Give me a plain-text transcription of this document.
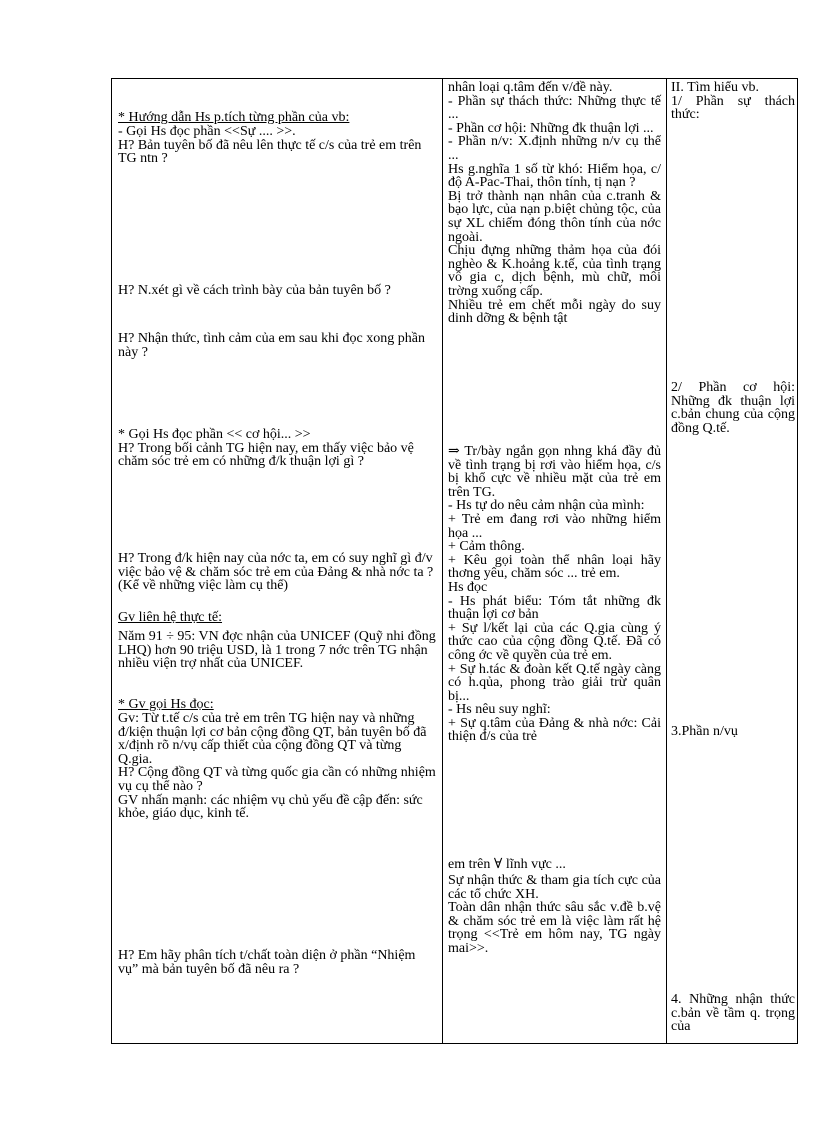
* Hướng dẫn Hs p.tích từng phần của vb:

- Gọi Hs đọc phần <<Sự .... >>.
H? Bản tuyên bố đã nêu lên thực tế c/s của trẻ em trên TG ntn ?

H? N.xét gì về cách trình bày của bản tuyên bố ?

H? Nhận thức, tình cảm của em sau khi đọc xong phần này ?

* Gọi Hs đọc phần << cơ hội... >>
H? Trong bối cảnh TG hiện nay, em thấy việc bảo vệ chăm sóc trẻ em có những đ/k thuận lợi gì ?

H? Trong đ/k hiện nay của nớc ta, em có suy nghĩ gì đ/v việc bảo vệ & chăm sóc trẻ em của Đảng & nhà nớc ta ?
(Kể về những việc làm cụ thể)

Gv liên hệ thực tế:

Năm 91 ÷ 95: VN đợc nhận của UNICEF (Quỹ nhi đồng LHQ) hơn 90 triệu USD, là 1 trong 7 nớc trên TG nhận nhiều viện trợ nhất của UNICEF.

* Gv gọi Hs đọc:

Gv: Từ t.tế c/s của trẻ em trên TG hiện nay và những đ/kiện thuận lợi cơ bản cộng đồng QT, bản tuyên bố đã x/định rõ n/vụ cấp thiết của cộng đồng QT và từng Q.gia.
H? Cộng đồng QT và từng quốc gia cần có những nhiệm vụ cụ thể nào ?
GV nhấn mạnh: các nhiệm vụ chủ yếu đề cập đến: sức khỏe, giáo dục, kinh tế.

H? Em hãy phân tích t/chất toàn diện ở phần “Nhiệm vụ” mà bản tuyên bố đã nêu ra ?

nhân loại q.tâm đến v/đề này.
- Phần sự thách thức: Những thực tế ...
- Phần cơ hội: Những đk thuận lợi ...
- Phần n/v: X.định những n/v cụ thể ...
Hs g.nghĩa 1 số từ khó: Hiểm họa, c/độ A-Pac-Thai, thôn tính, tị nạn ?
Bị trở thành nạn nhân của c.tranh & bạo lực, của nạn p.biệt chủng tộc, của sự XL chiếm đóng thôn tính của nớc ngoài.
Chịu đựng những thảm họa của đói nghèo & K.hoảng k.tế, của tình trạng vô gia c, dịch bệnh, mù chữ, môi trờng xuống cấp.
Nhiều trẻ em chết mỗi ngày do suy dinh dỡng & bệnh tật

⇒ Tr/bày ngắn gọn nhng khá đầy đủ về tình trạng bị rơi vào hiểm họa, c/s bị khổ cực về nhiều mặt của trẻ em trên TG.
- Hs tự do nêu cảm nhận của mình:
+ Trẻ em đang rơi vào những hiểm họa ...
+ Cảm thông.
+ Kêu gọi toàn thể nhân loại hãy thơng yêu, chăm sóc ... trẻ em.
Hs đọc
- Hs phát biểu: Tóm tắt những đk thuận lợi cơ bản
+ Sự l/kết lại của các Q.gia cùng ý thức cao của cộng đồng Q.tế. Đã có công ớc về quyền của trẻ em.
+ Sự h.tác & đoàn kết Q.tế ngày càng có h.qủa, phong trào giải trừ quân bị...
- Hs nêu suy nghĩ:
+ Sự q.tâm của Đảng & nhà nớc: Cải thiện đ/s của trẻ

em trên ∀ lĩnh vực ...

Sự nhận thức & tham gia tích cực của các tổ chức XH.
Toàn dân nhận thức sâu sắc v.đề b.vệ & chăm sóc trẻ em là việc làm rất hệ trọng <<Trẻ em hôm nay, TG ngày mai>>.

II. Tìm hiểu vb.
1/ Phần sự thách thức:

2/ Phần cơ hội: Những đk thuận lợi c.bản chung của cộng đồng Q.tế.

3.Phần n/vụ

4. Những nhận thức c.bản về tầm q. trọng của
